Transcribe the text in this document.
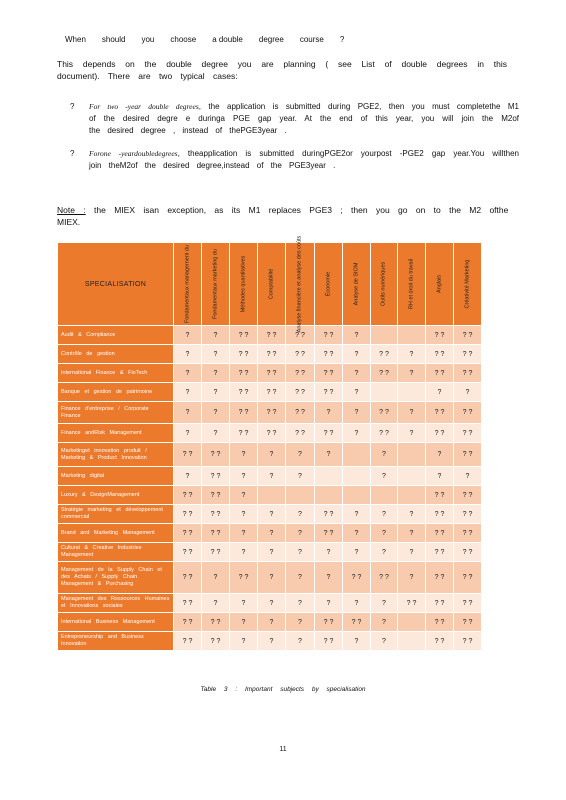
When should you choose a double degree course ?
This depends on the double degree you are planning ( see List of double degrees in this document). There are two typical cases:
? For two -year double degrees, the application is submitted during PGE2, then you must completethe M1 of the desired degre e duringa PGE gap year. At the end of this year, you will join the M2of the desired degree , instead of thePGE3year .
? Forone -yeardoubledegrees, theapplication is submitted duringPGE2or yourpost -PGE2 gap year.You willthen join theM2of the desired degree,instead of the PGE3year .
Note : the MIEX isan exception, as its M1 replaces PGE3 ; then you go on to the M2 ofthe MIEX.
SPECIALISATION	Fondamentaux management du	Fondamentaux marketing du	Méthodes quantitatives	Comptabilité	Analyse financière et analyse des coûts	Économie	Analyse de SIOM	Outils numériques	RH et droit du travail	Anglais	Créativité Marketing

Audit & Compliance	?	?	? ?	? ?	? ?	? ?	?			? ?	? ?
Contrôle de gestion	?	?	? ?	? ?	? ?	? ?	?	? ?	?	? ?	? ?
International Finance & FinTech	?	?	? ?	? ?	? ?	? ?	?	? ?	?	? ?	? ?
Banque et gestion de patrimoine	?	?	? ?	? ?	? ?	? ?	?			?	?
Finance d'entreprise / Corporate Finance	?	?	? ?	? ?	? ?	?	?	? ?	?	? ?	? ?
Finance andRisk Management	?	?	? ?	? ?	? ?	? ?	?	? ?	?	? ?	? ?
Marketinget innovation produit / Marketing & Product Innovation	? ?	? ?	?	?	?	?		?		?	? ?
Marketing digital	?	? ?	?	?	?			?		?	?
Luxury & DesignManagement	? ?	? ?	?							? ?	? ?
Stratégie marketing et développement commercial	? ?	? ?	?	?	?	? ?	?	?	?	? ?	? ?
Brand and Marketing Management	? ?	? ?	?	?	?	? ?	?	?	?	? ?	? ?
Cultural & Creative Industries Management	? ?	? ?	?	?	?	?	?	?	?	? ?	? ?
Management de la Supply Chain et des Achats / Supply Chain Management & Purchasing	? ?	?	? ?	?	?	?	? ?	? ?	?	? ?	? ?
Management des Ressources Humaines et Innovations sociales	? ?	?	?	?	?	?	?	?	? ?	? ?	? ?
International Business Management	? ?	? ?	?	?	?	? ?	? ?	?		? ?	? ?
Entrepreneurship and Business Innovation	? ?	? ?	?	?	?	? ?	?	?		? ?	? ?
Table 3 : Important subjects by specialisation
11
